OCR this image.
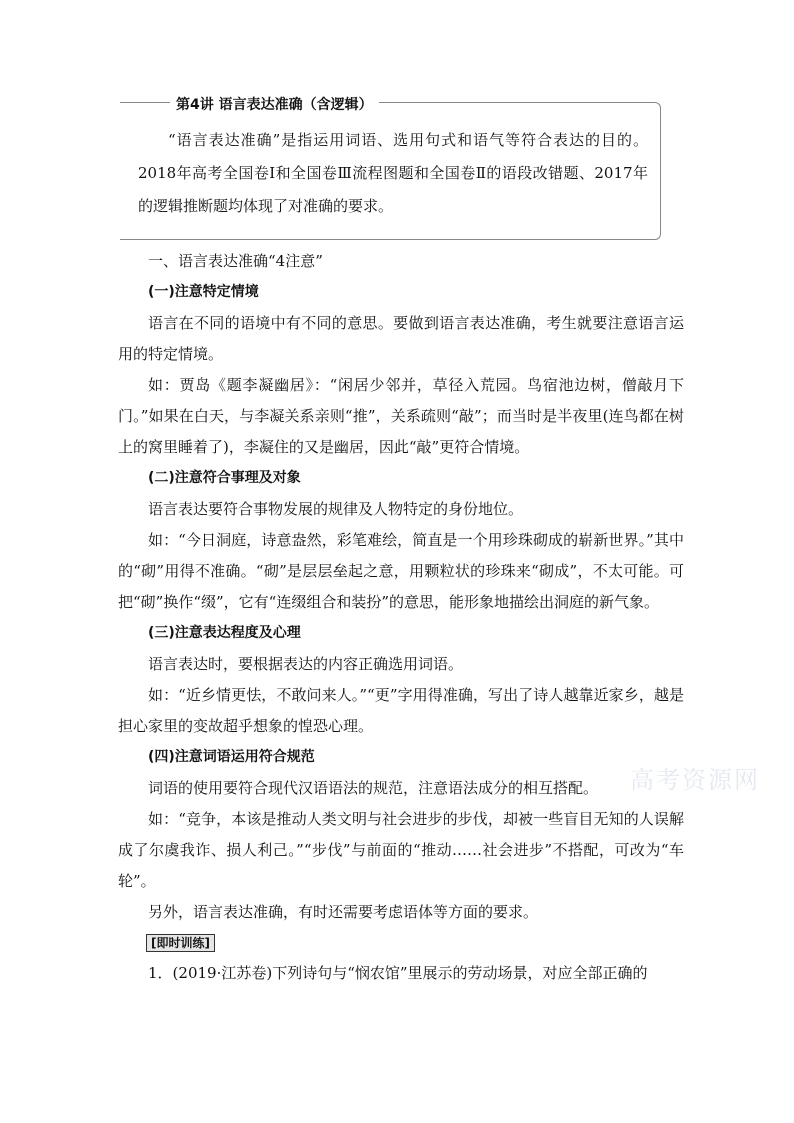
第4讲 语言表达准确（含逻辑）
“语言表达准确”是指运用词语、选用句式和语气等符合表达的目的。2018年高考全国卷Ⅰ和全国卷Ⅲ流程图题和全国卷Ⅱ的语段改错题、2017年的逻辑推断题均体现了对准确的要求。
一、语言表达准确“4注意”
(一)注意特定情境
语言在不同的语境中有不同的意思。要做到语言表达准确，考生就要注意语言运用的特定情境。
如：贾岛《题李凝幽居》：“闲居少邻并，草径入荒园。鸟宿池边树，僧敲月下门。”如果在白天，与李凝关系亲则“推”，关系疏则“敲”；而当时是半夜里(连鸟都在树上的窝里睡着了)，李凝住的又是幽居，因此“敲”更符合情境。
(二)注意符合事理及对象
语言表达要符合事物发展的规律及人物特定的身份地位。
如：“今日洞庭，诗意盎然，彩笔难绘，简直是一个用珍珠砌成的崭新世界。”其中的“砌”用得不准确。“砌”是层层垒起之意，用颗粒状的珍珠来“砌成”，不太可能。可把“砌”换作“缀”，它有“连缀组合和装扮”的意思，能形象地描绘出洞庭的新气象。
(三)注意表达程度及心理
语言表达时，要根据表达的内容正确选用词语。
如：“近乡情更怯，不敢问来人。”“更”字用得准确，写出了诗人越靠近家乡，越是担心家里的变故超乎想象的惶恐心理。
(四)注意词语运用符合规范
词语的使用要符合现代汉语语法的规范，注意语法成分的相互搭配。
如：“竞争，本该是推动人类文明与社会进步的步伐，却被一些盲目无知的人误解成了尔虞我诈、损人利己。”“步伐”与前面的“推动……社会进步”不搭配，可改为“车轮”。
另外，语言表达准确，有时还需要考虑语体等方面的要求。
[即时训练]
1．(2019·江苏卷)下列诗句与“悯农馆”里展示的劳动场景，对应全部正确的
高考资源网
